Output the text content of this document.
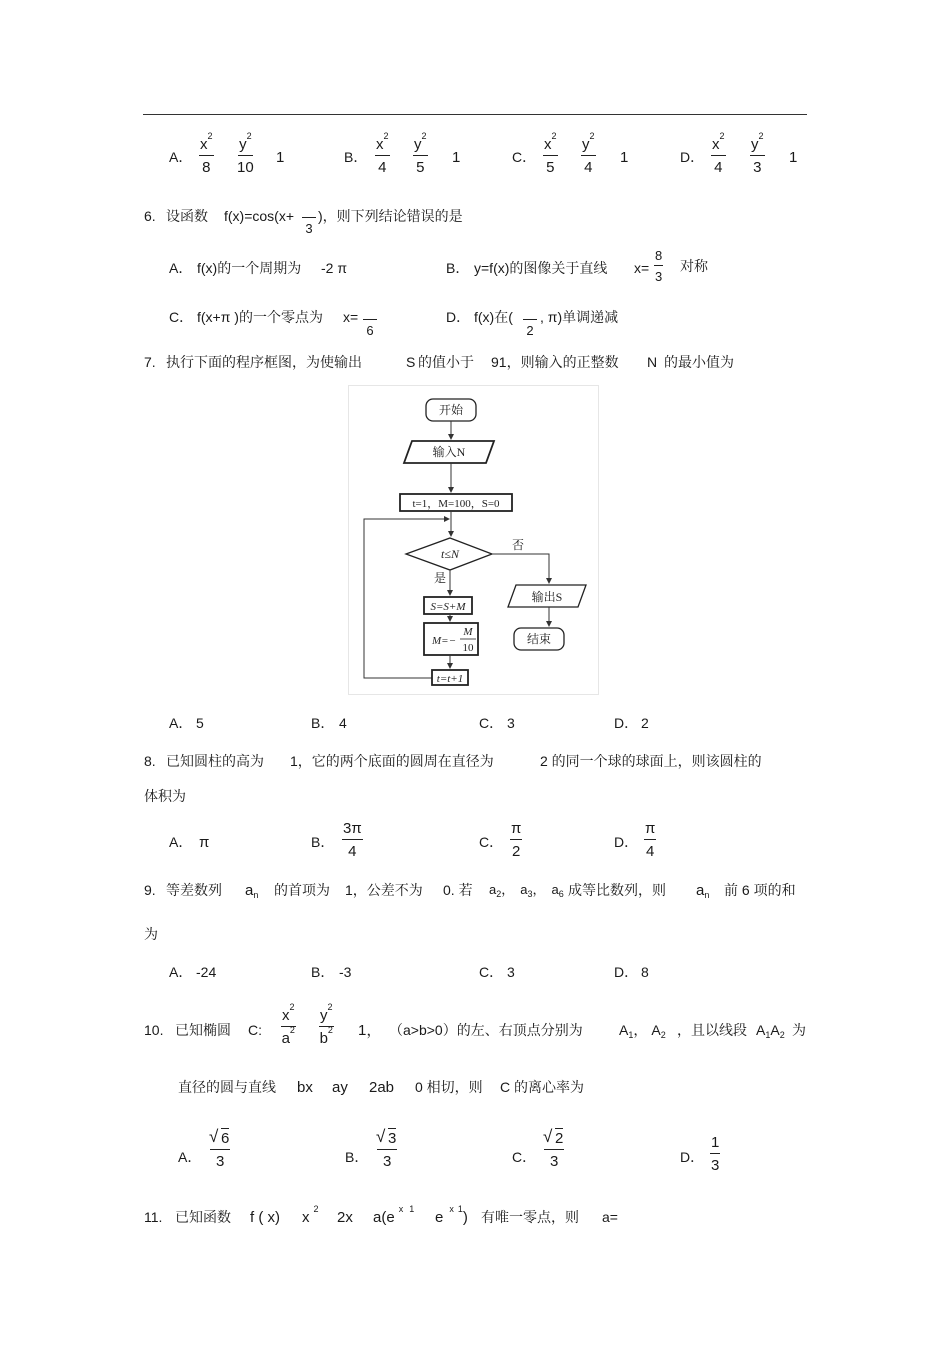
A． $\frac{x^2}{8} \frac{y^2}{10} 1$	B． $\frac{x^2}{4} \frac{y^2}{5} 1$	C． $\frac{x^2}{5} \frac{y^2}{4} 1$	D． $\frac{x^2}{4} \frac{y^2}{3} 1$
6. 设函数 f(x)=cos(x+
3
)，则下列结论错误的是
A． f(x)的一个周期为 -2 π	B． y=f(x)的图像关于直线 $x= \frac{8}{3}$ 对称
C． f(x+π )的一个零点为 x=
6
D． f(x)在(
2
, π)单调递减
7. 执行下面的程序框图，为使输出	S 的值小于 91，则输入的正整数 N 的最小值为
开始
输入N
t=1，M=100，S=0
t≤N
否
是
S=S+M
M=−
M
10
t=t+1
输出S
结束
A． 5	B． 4	C． 3	D． 2
8. 已知圆柱的高为 1，它的两个底面的圆周在直径为	2 的同一个球的球面上，则该圆柱的
体积为
A． π	B． $\frac{3\pi}{4}$	C． $\frac{\pi}{2}$	D． $\frac{\pi}{4}$
9. 等差数列 $a_n$ 的首项为 1，公差不为 0. 若 $a_2$， $a_3$， $a_6$ 成等比数列，则 $a_n$ 前 6 项的和
为
A． -24	B． -3	C． 3	D． 8
10. 已知椭圆 C: $\frac{x^2}{a^2} \frac{y^2}{b^2} 1$， （a>b>0）的左、右顶点分别为	$A_1$， $A_2$ ，且以线段 $A_1A_2$ 为
直径的圆与直线 bx ay 2ab 0 相切，则 C 的离心率为
A． √ $\frac{6}{3}$	B． √ $\frac{3}{3}$	C． √ $\frac{2}{3}$	D． $\frac{1}{3}$
11. 已知函数 f ( x) x $^2$ 2x a(e $^x$ $^1$ e $^x$ $^1$) 有唯一零点，则 a=
